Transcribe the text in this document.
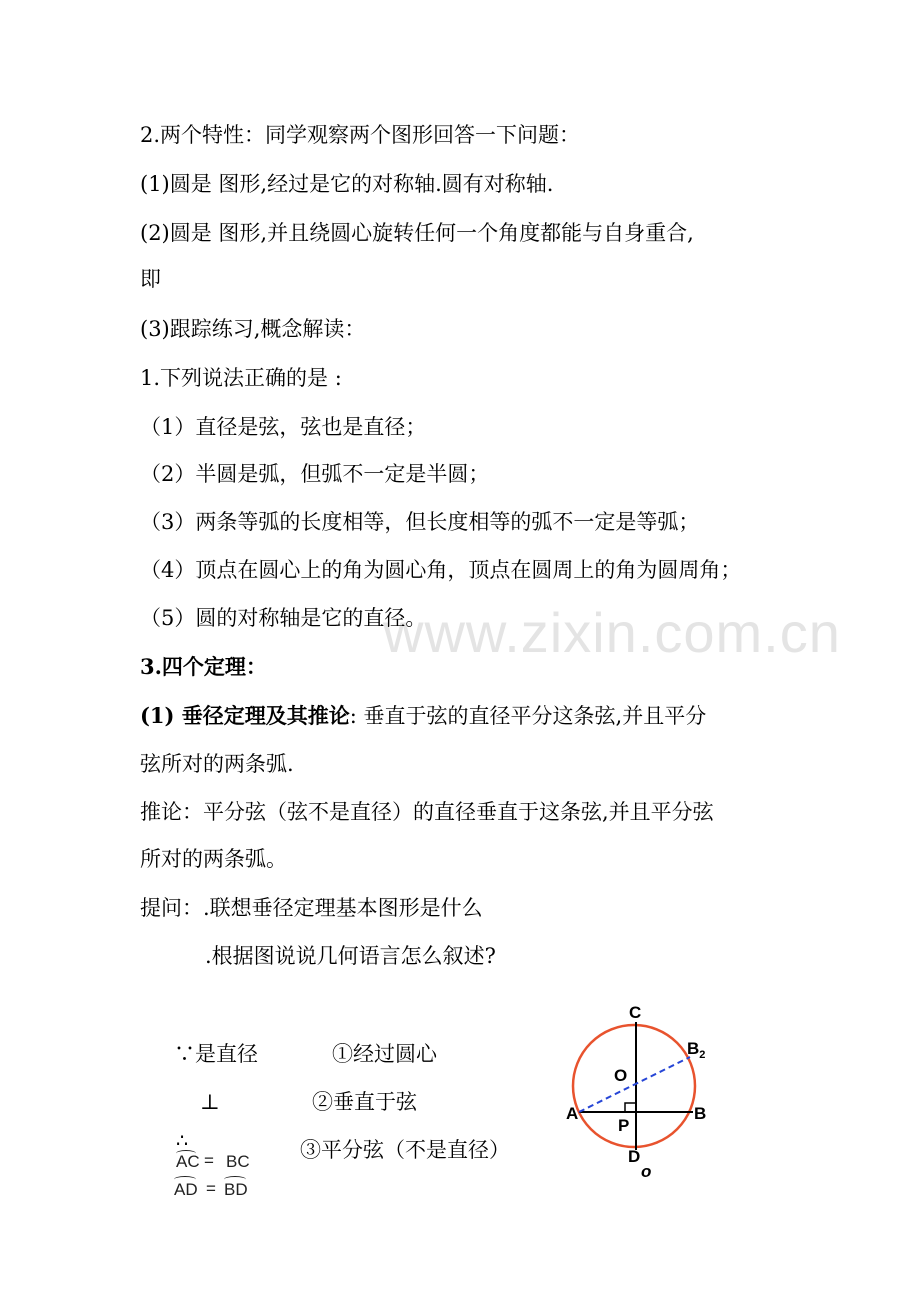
www.zixin.com.cn
2.两个特性：同学观察两个图形回答一下问题：
(1)圆是 图形,经过是它的对称轴.圆有对称轴.
(2)圆是 图形,并且绕圆心旋转任何一个角度都能与自身重合,
即
(3)跟踪练习,概念解读：
1.下列说法正确的是 :
（1）直径是弦，弦也是直径；
（2）半圆是弧，但弧不一定是半圆；
（3）两条等弧的长度相等，但长度相等的弧不一定是等弧；
（4）顶点在圆心上的角为圆心角，顶点在圆周上的角为圆周角；
（5）圆的对称轴是它的直径。
3.四个定理：
(1) 垂径定理及其推论: 垂直于弦的直径平分这条弦,并且平分
弦所对的两条弧.
推论：平分弦（弦不是直径）的直径垂直于这条弦,并且平分弦
所对的两条弧。
提问：.联想垂径定理基本图形是什么
.根据图说说几何语言怎么叙述?
∵是直径
⊥
∴
①经过圆心
②垂直于弦
③平分弦（不是直径）
AC = BC
AD = BD
C
$B_2$
O
A	B
P
D
o
